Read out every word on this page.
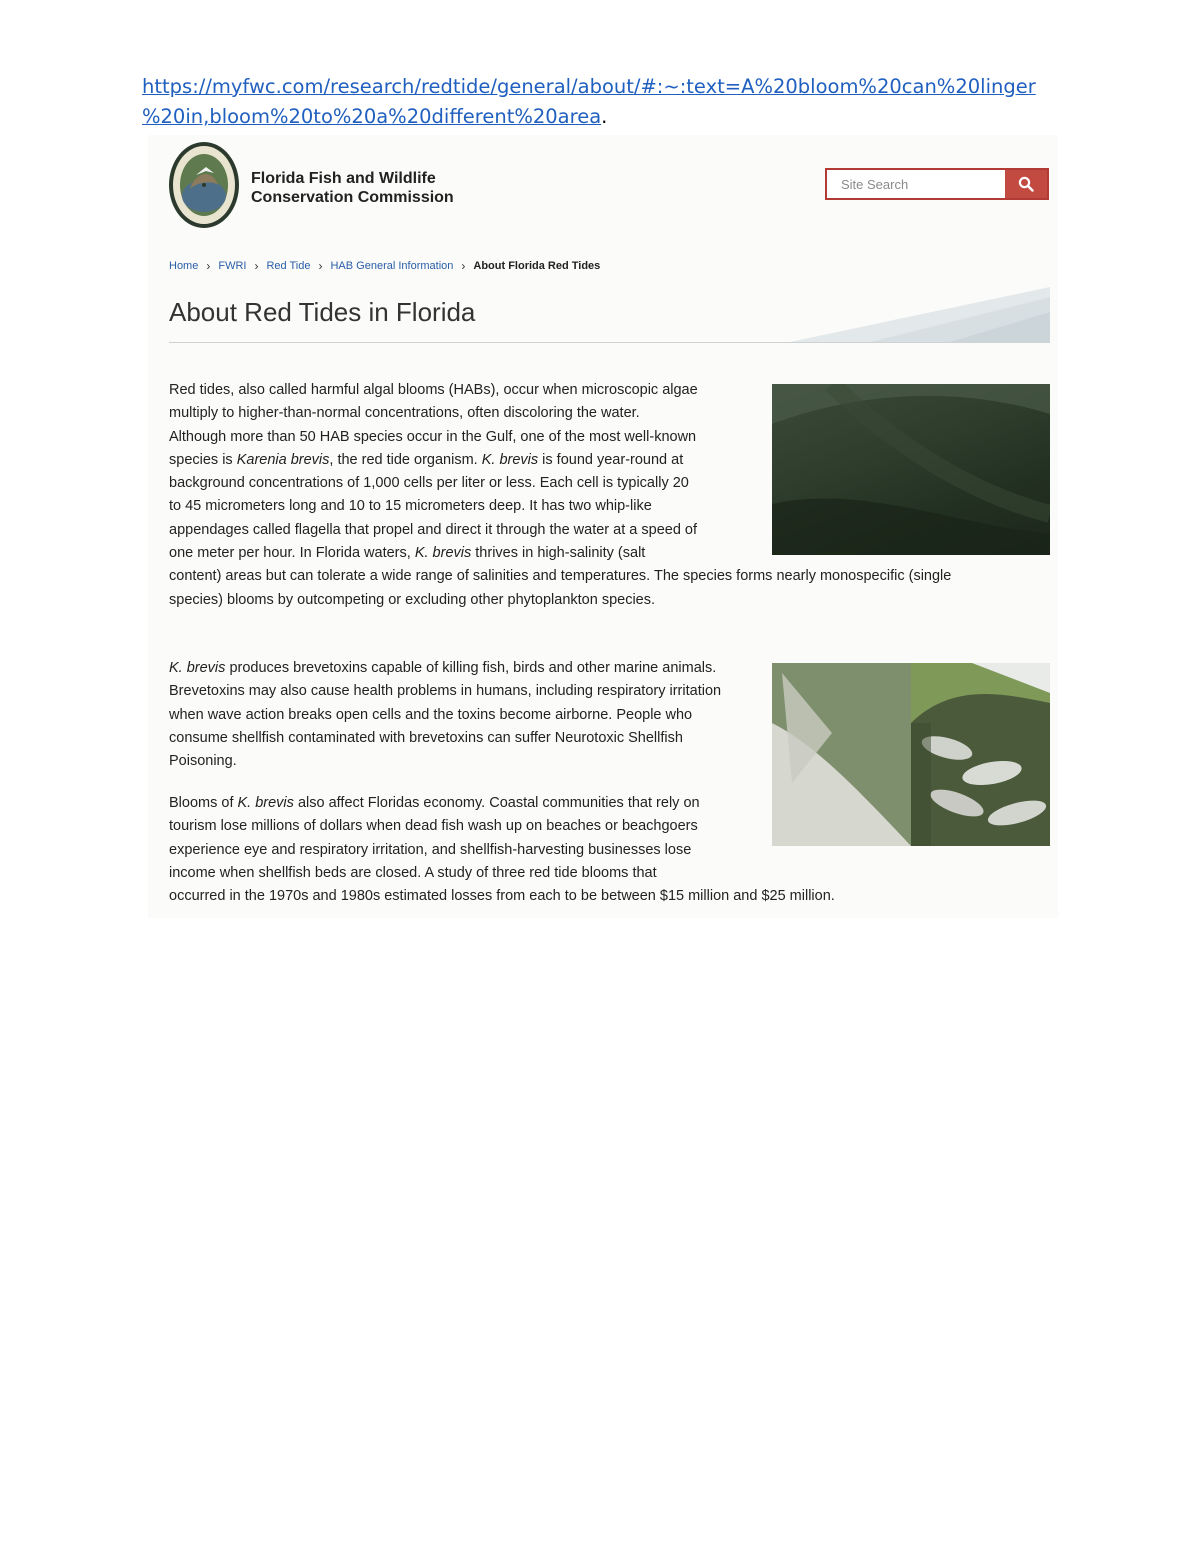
https://myfwc.com/research/redtide/general/about/#:~:text=A%20bloom%20can%20linger
%20in,bloom%20to%20a%20different%20area.
Florida Fish and Wildlife
Conservation Commission
Site Search
Home › FWRI › Red Tide › HAB General Information › About Florida Red Tides
About Red Tides in Florida
Red tides, also called harmful algal blooms (HABs), occur when microscopic algae multiply to higher-than-normal concentrations, often discoloring the water. Although more than 50 HAB species occur in the Gulf, one of the most well-known species is Karenia brevis, the red tide organism. K. brevis is found year-round at background concentrations of 1,000 cells per liter or less. Each cell is typically 20 to 45 micrometers long and 10 to 15 micrometers deep. It has two whip-like appendages called flagella that propel and direct it through the water at a speed of one meter per hour. In Florida waters, K. brevis thrives in high-salinity (salt content) areas but can tolerate a wide range of salinities and temperatures. The species forms nearly monospecific (single species) blooms by outcompeting or excluding other phytoplankton species.
K. brevis produces brevetoxins capable of killing fish, birds and other marine animals. Brevetoxins may also cause health problems in humans, including respiratory irritation when wave action breaks open cells and the toxins become airborne. People who consume shellfish contaminated with brevetoxins can suffer Neurotoxic Shellfish Poisoning.
Blooms of K. brevis also affect Floridas economy. Coastal communities that rely on tourism lose millions of dollars when dead fish wash up on beaches or beachgoers experience eye and respiratory irritation, and shellfish-harvesting businesses lose income when shellfish beds are closed. A study of three red tide blooms that occurred in the 1970s and 1980s estimated losses from each to be between $15 million and $25 million.
